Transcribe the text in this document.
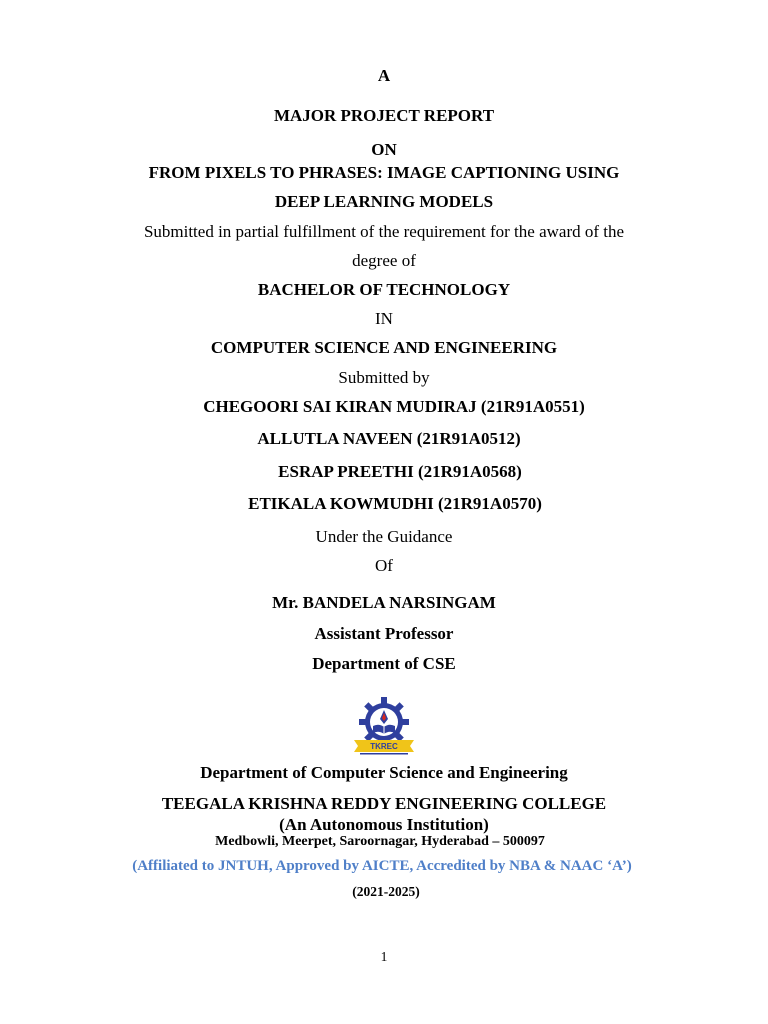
A
MAJOR PROJECT REPORT
ON
FROM PIXELS TO PHRASES: IMAGE CAPTIONING USING
DEEP LEARNING MODELS
Submitted in partial fulfillment of the requirement for the award of the
degree of
BACHELOR OF TECHNOLOGY
IN
COMPUTER SCIENCE AND ENGINEERING
Submitted by
CHEGOORI SAI KIRAN MUDIRAJ (21R91A0551)
ALLUTLA NAVEEN (21R91A0512)
ESRAP PREETHI (21R91A0568)
ETIKALA KOWMUDHI (21R91A0570)
Under the Guidance
Of
Mr. BANDELA NARSINGAM
Assistant Professor
Department of CSE
TKREC
Department of Computer Science and Engineering
TEEGALA KRISHNA REDDY ENGINEERING COLLEGE
(An Autonomous Institution)
Medbowli, Meerpet, Saroornagar, Hyderabad – 500097
(Affiliated to JNTUH, Approved by AICTE, Accredited by NBA & NAAC ‘A’)
(2021-2025)
1
